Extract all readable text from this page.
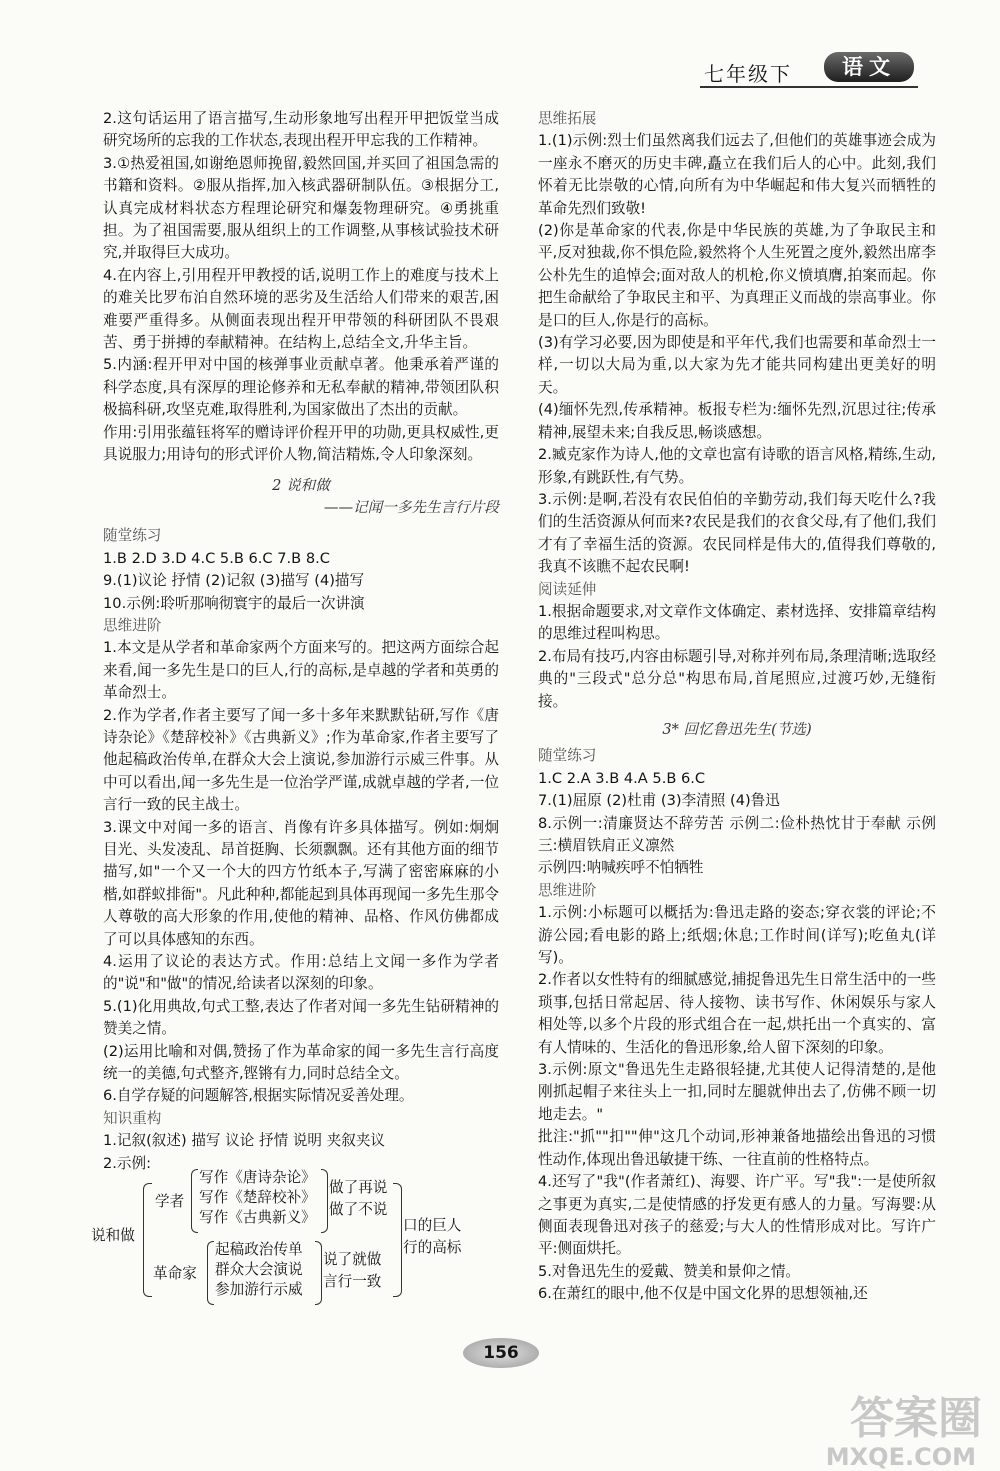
七年级下	语文

2.这句话运用了语言描写,生动形象地写出程开甲把饭堂当成研究场所的忘我的工作状态,表现出程开甲忘我的工作精神。

3.①热爱祖国,如谢绝恩师挽留,毅然回国,并买回了祖国急需的书籍和资料。②服从指挥,加入核武器研制队伍。③根据分工,认真完成材料状态方程理论研究和爆轰物理研究。④勇挑重担。为了祖国需要,服从组织上的工作调整,从事核试验技术研究,并取得巨大成功。

4.在内容上,引用程开甲教授的话,说明工作上的难度与技术上的难关比罗布泊自然环境的恶劣及生活给人们带来的艰苦,困难要严重得多。从侧面表现出程开甲带领的科研团队不畏艰苦、勇于拼搏的奉献精神。在结构上,总结全文,升华主旨。

5.内涵:程开甲对中国的核弹事业贡献卓著。他秉承着严谨的科学态度,具有深厚的理论修养和无私奉献的精神,带领团队积极搞科研,攻坚克难,取得胜利,为国家做出了杰出的贡献。

作用:引用张蕴钰将军的赠诗评价程开甲的功勋,更具权威性,更具说服力;用诗句的形式评价人物,简洁精炼,令人印象深刻。

2 说和做

——记闻一多先生言行片段

随堂练习

1.B 2.D 3.D 4.C 5.B 6.C 7.B 8.C

9.(1)议论 抒情 (2)记叙 (3)描写 (4)描写

10.示例:聆听那响彻寰宇的最后一次讲演

思维进阶

1.本文是从学者和革命家两个方面来写的。把这两方面综合起来看,闻一多先生是口的巨人,行的高标,是卓越的学者和英勇的革命烈士。

2.作为学者,作者主要写了闻一多十多年来默默钻研,写作《唐诗杂论》《楚辞校补》《古典新义》;作为革命家,作者主要写了他起稿政治传单,在群众大会上演说,参加游行示威三件事。从中可以看出,闻一多先生是一位治学严谨,成就卓越的学者,一位言行一致的民主战士。

3.课文中对闻一多的语言、肖像有许多具体描写。例如:炯炯目光、头发凌乱、昂首挺胸、长须飘飘。还有其他方面的细节描写,如"一个又一个大的四方竹纸本子,写满了密密麻麻的小楷,如群蚁排衙"。凡此种种,都能起到具体再现闻一多先生那令人尊敬的高大形象的作用,使他的精神、品格、作风仿佛都成了可以具体感知的东西。

4.运用了议论的表达方式。作用:总结上文闻一多作为学者的"说"和"做"的情况,给读者以深刻的印象。

5.(1)化用典故,句式工整,表达了作者对闻一多先生钻研精神的赞美之情。

(2)运用比喻和对偶,赞扬了作为革命家的闻一多先生言行高度统一的美德,句式整齐,铿锵有力,同时总结全文。

6.自学存疑的问题解答,根据实际情况妥善处理。

知识重构

1.记叙(叙述) 描写 议论 抒情 说明 夹叙夹议

2.示例:

说和做
学者
写作《唐诗杂论》
写作《楚辞校补》
写作《古典新义》
做了再说
做了不说
革命家
起稿政治传单
群众大会演说
参加游行示威
说了就做
言行一致
口的巨人
行的高标

思维拓展

1.(1)示例:烈士们虽然离我们远去了,但他们的英雄事迹会成为一座永不磨灭的历史丰碑,矗立在我们后人的心中。此刻,我们怀着无比崇敬的心情,向所有为中华崛起和伟大复兴而牺牲的革命先烈们致敬!

(2)你是革命家的代表,你是中华民族的英雄,为了争取民主和平,反对独裁,你不惧危险,毅然将个人生死置之度外,毅然出席李公朴先生的追悼会;面对敌人的机枪,你义愤填膺,拍案而起。你把生命献给了争取民主和平、为真理正义而战的崇高事业。你是口的巨人,你是行的高标。

(3)有学习必要,因为即使是和平年代,我们也需要和革命烈士一样,一切以大局为重,以大家为先才能共同构建出更美好的明天。

(4)缅怀先烈,传承精神。板报专栏为:缅怀先烈,沉思过往;传承精神,展望未来;自我反思,畅谈感想。

2.臧克家作为诗人,他的文章也富有诗歌的语言风格,精练,生动,形象,有跳跃性,有气势。

3.示例:是啊,若没有农民伯伯的辛勤劳动,我们每天吃什么?我们的生活资源从何而来?农民是我们的衣食父母,有了他们,我们才有了幸福生活的资源。农民同样是伟大的,值得我们尊敬的,我真不该瞧不起农民啊!

阅读延伸

1.根据命题要求,对文章作文体确定、素材选择、安排篇章结构的思维过程叫构思。

2.布局有技巧,内容由标题引导,对称并列布局,条理清晰;选取经典的"三段式"总分总"构思布局,首尾照应,过渡巧妙,无缝衔接。

3* 回忆鲁迅先生(节选)

随堂练习

1.C 2.A 3.B 4.A 5.B 6.C

7.(1)屈原 (2)杜甫 (3)李清照 (4)鲁迅

8.示例一:清廉贤达不辞劳苦 示例二:俭朴热忱甘于奉献 示例三:横眉铁肩正义凛然

示例四:呐喊疾呼不怕牺牲

思维进阶

1.示例:小标题可以概括为:鲁迅走路的姿态;穿衣裳的评论;不游公园;看电影的路上;纸烟;休息;工作时间(详写);吃鱼丸(详写)。

2.作者以女性特有的细腻感觉,捕捉鲁迅先生日常生活中的一些琐事,包括日常起居、待人接物、读书写作、休闲娱乐与家人相处等,以多个片段的形式组合在一起,烘托出一个真实的、富有人情味的、生活化的鲁迅形象,给人留下深刻的印象。

3.示例:原文"鲁迅先生走路很轻捷,尤其使人记得清楚的,是他刚抓起帽子来往头上一扣,同时左腿就伸出去了,仿佛不顾一切地走去。"

批注:"抓""扣""伸"这几个动词,形神兼备地描绘出鲁迅的习惯性动作,体现出鲁迅敏捷干练、一往直前的性格特点。

4.还写了"我"(作者萧红)、海婴、许广平。写"我":一是使所叙之事更为真实,二是使情感的抒发更有感人的力量。写海婴:从侧面表现鲁迅对孩子的慈爱;与大人的性情形成对比。写许广平:侧面烘托。

5.对鲁迅先生的爱戴、赞美和景仰之情。

6.在萧红的眼中,他不仅是中国文化界的思想领袖,还

156
答案圈
MXQE.COM
